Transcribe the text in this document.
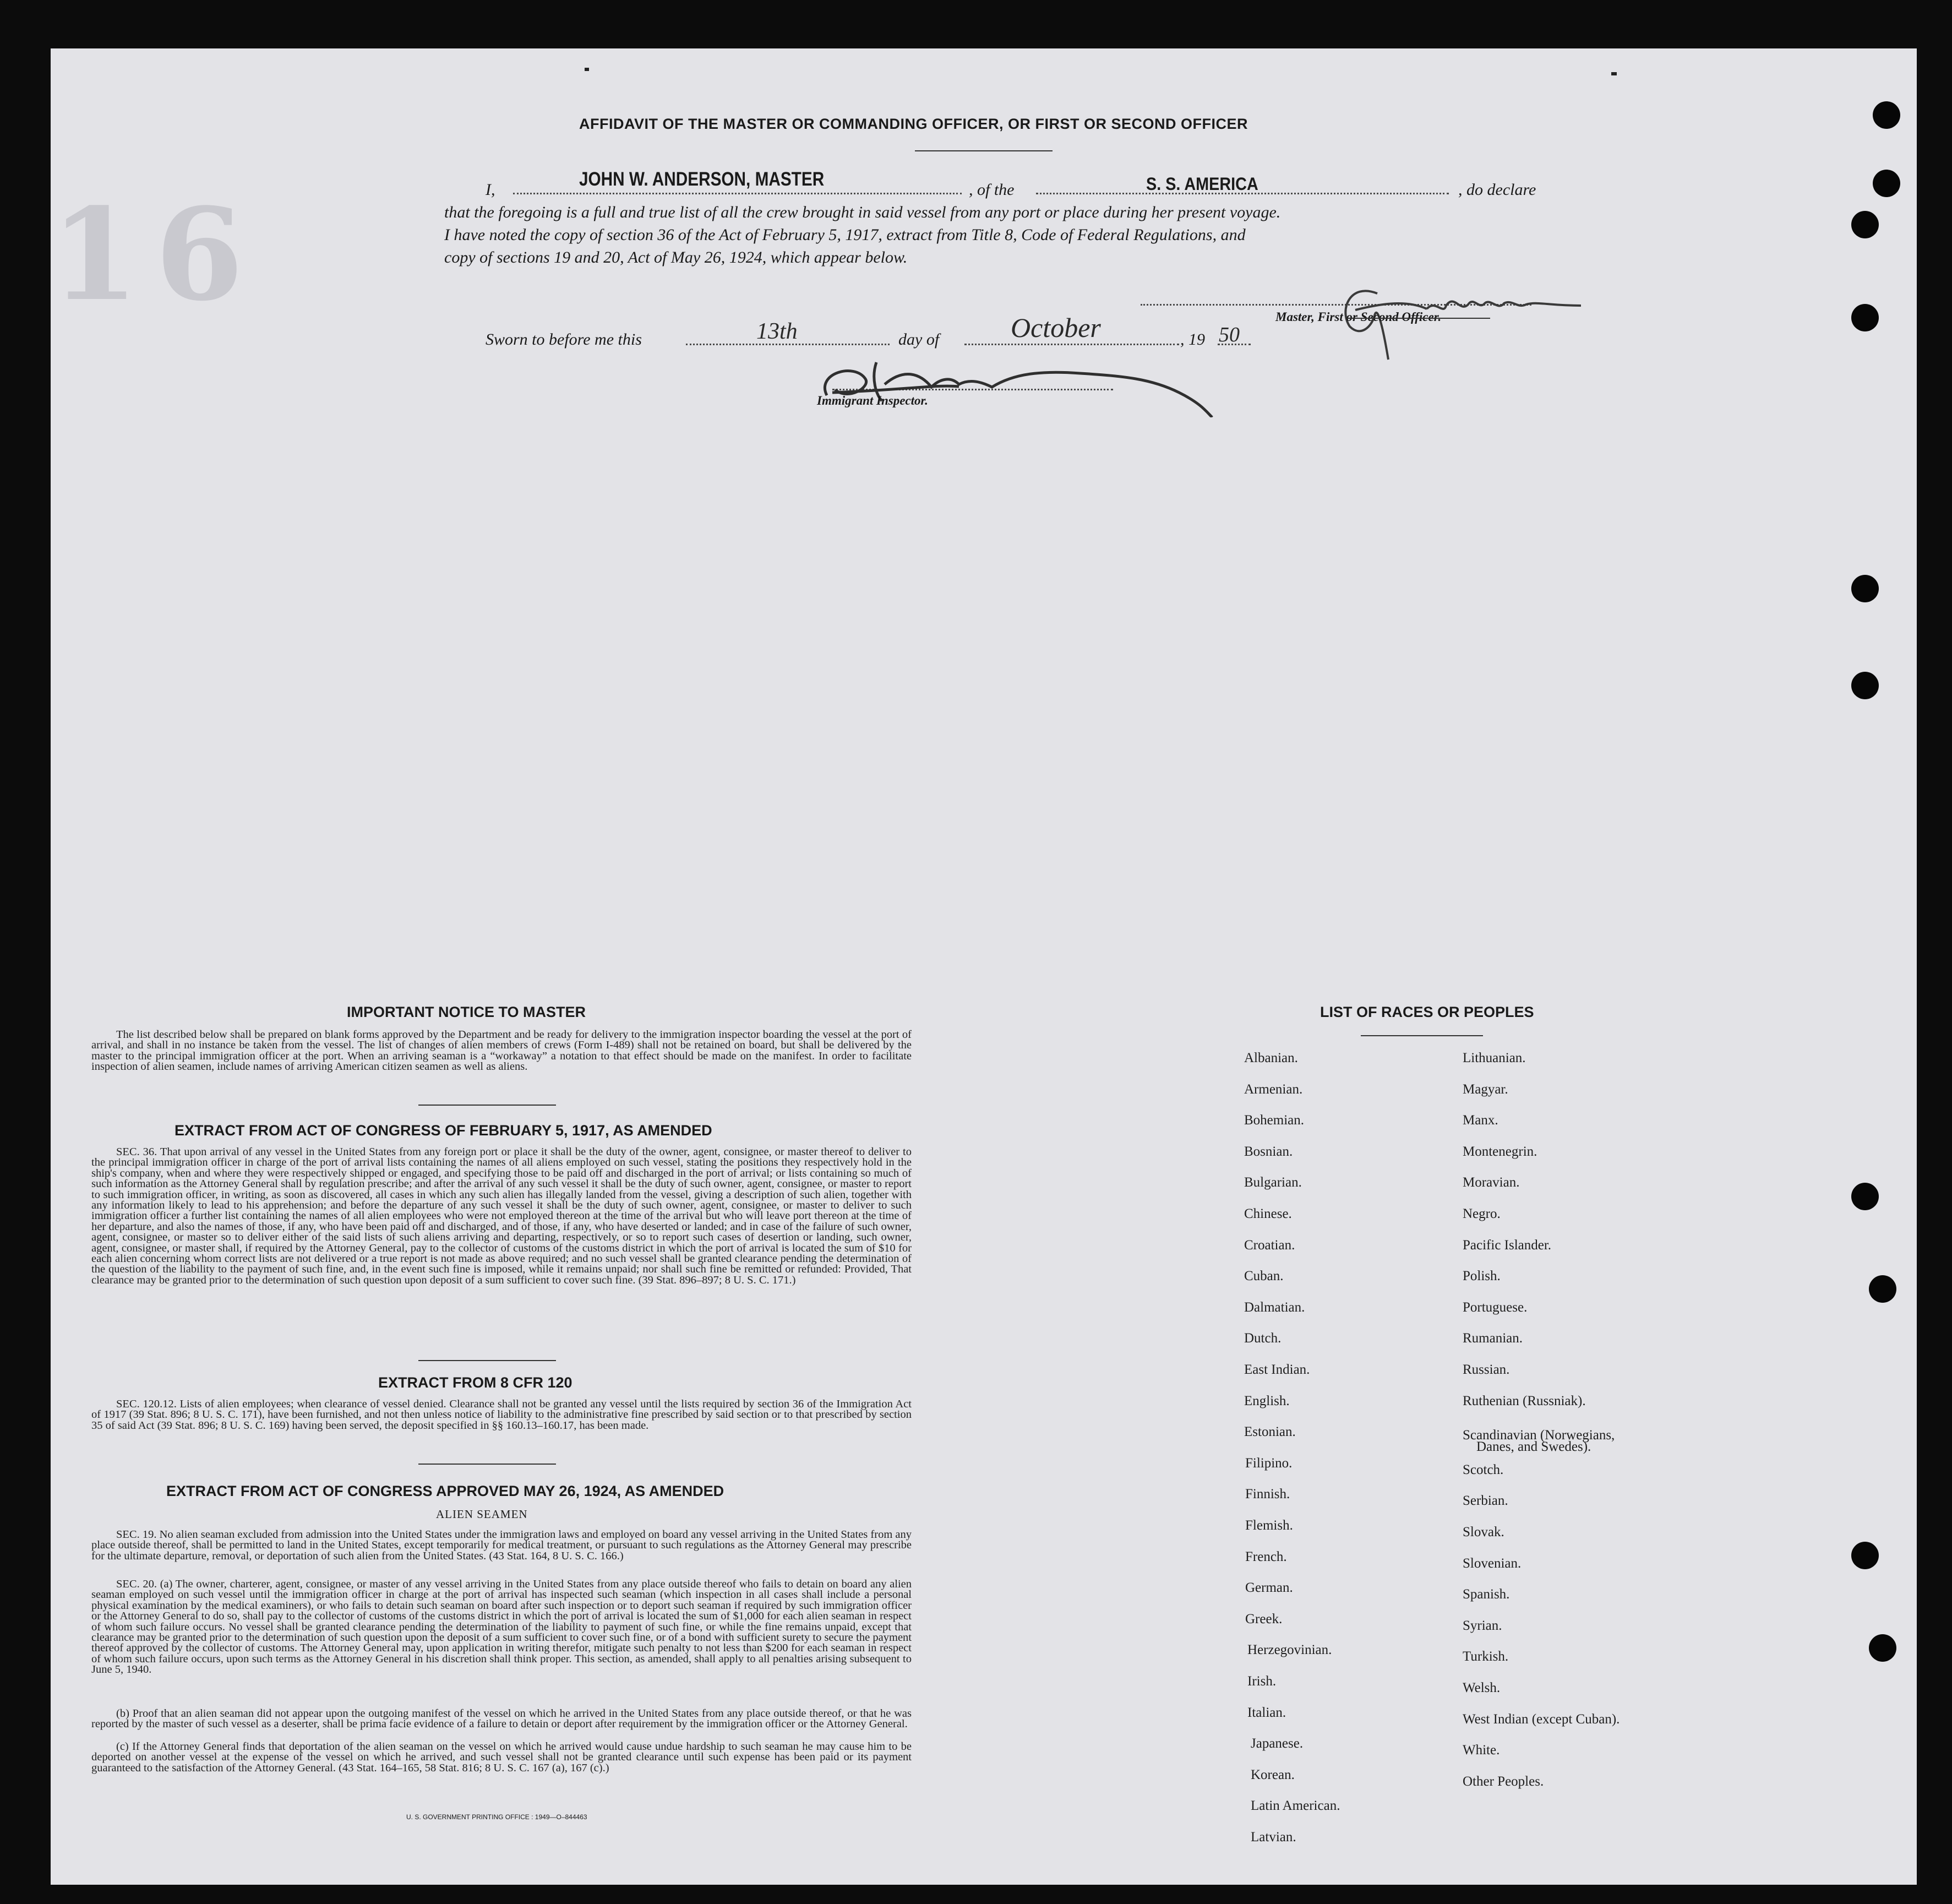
16
AFFIDAVIT OF THE MASTER OR COMMANDING OFFICER, OR FIRST OR SECOND OFFICER
I,	JOHN W. ANDERSON, MASTER	, of the	S. S. AMERICA	, do declare
that the foregoing is a full and true list of all the crew brought in said vessel from any port or place during her present voyage.
I have noted the copy of section 36 of the Act of February 5, 1917, extract from Title 8, Code of Federal Regulations, and
copy of sections 19 and 20, Act of May 26, 1924, which appear below.
Master, First or Second Officer.
Sworn to before me this	13th	day of	October	, 19 50
Immigrant Inspector.
IMPORTANT NOTICE TO MASTER
The list described below shall be prepared on blank forms approved by the Department and be ready for delivery to the immigration inspector boarding the vessel at the port of arrival, and shall in no instance be taken from the vessel. The list of changes of alien members of crews (Form I-489) shall not be retained on board, but shall be delivered by the master to the principal immigration officer at the port. When an arriving seaman is a “workaway” a notation to that effect should be made on the manifest. In order to facilitate inspection of alien seamen, include names of arriving American citizen seamen as well as aliens.
EXTRACT FROM ACT OF CONGRESS OF FEBRUARY 5, 1917, AS AMENDED
SEC. 36. That upon arrival of any vessel in the United States from any foreign port or place it shall be the duty of the owner, agent, consignee, or master thereof to deliver to the principal immigration officer in charge of the port of arrival lists containing the names of all aliens employed on such vessel, stating the positions they respectively hold in the ship's company, when and where they were respectively shipped or engaged, and specifying those to be paid off and discharged in the port of arrival; or lists containing so much of such information as the Attorney General shall by regulation prescribe; and after the arrival of any such vessel it shall be the duty of such owner, agent, consignee, or master to report to such immigration officer, in writing, as soon as discovered, all cases in which any such alien has illegally landed from the vessel, giving a description of such alien, together with any information likely to lead to his apprehension; and before the departure of any such vessel it shall be the duty of such owner, agent, consignee, or master to deliver to such immigration officer a further list containing the names of all alien employees who were not employed thereon at the time of the arrival but who will leave port thereon at the time of her departure, and also the names of those, if any, who have been paid off and discharged, and of those, if any, who have deserted or landed; and in case of the failure of such owner, agent, consignee, or master so to deliver either of the said lists of such aliens arriving and departing, respectively, or so to report such cases of desertion or landing, such owner, agent, consignee, or master shall, if required by the Attorney General, pay to the collector of customs of the customs district in which the port of arrival is located the sum of $10 for each alien concerning whom correct lists are not delivered or a true report is not made as above required; and no such vessel shall be granted clearance pending the determination of the question of the liability to the payment of such fine, and, in the event such fine is imposed, while it remains unpaid; nor shall such fine be remitted or refunded: Provided, That clearance may be granted prior to the determination of such question upon deposit of a sum sufficient to cover such fine. (39 Stat. 896–897; 8 U. S. C. 171.)
EXTRACT FROM 8 CFR 120
SEC. 120.12. Lists of alien employees; when clearance of vessel denied. Clearance shall not be granted any vessel until the lists required by section 36 of the Immigration Act of 1917 (39 Stat. 896; 8 U. S. C. 171), have been furnished, and not then unless notice of liability to the administrative fine prescribed by said section or to that prescribed by section 35 of said Act (39 Stat. 896; 8 U. S. C. 169) having been served, the deposit specified in §§ 160.13–160.17, has been made.
EXTRACT FROM ACT OF CONGRESS APPROVED MAY 26, 1924, AS AMENDED
ALIEN SEAMEN
SEC. 19. No alien seaman excluded from admission into the United States under the immigration laws and employed on board any vessel arriving in the United States from any place outside thereof, shall be permitted to land in the United States, except temporarily for medical treatment, or pursuant to such regulations as the Attorney General may prescribe for the ultimate departure, removal, or deportation of such alien from the United States. (43 Stat. 164, 8 U. S. C. 166.)
SEC. 20. (a) The owner, charterer, agent, consignee, or master of any vessel arriving in the United States from any place outside thereof who fails to detain on board any alien seaman employed on such vessel until the immigration officer in charge at the port of arrival has inspected such seaman (which inspection in all cases shall include a personal physical examination by the medical examiners), or who fails to detain such seaman on board after such inspection or to deport such seaman if required by such immigration officer or the Attorney General to do so, shall pay to the collector of customs of the customs district in which the port of arrival is located the sum of $1,000 for each alien seaman in respect of whom such failure occurs. No vessel shall be granted clearance pending the determination of the liability to payment of such fine, or while the fine remains unpaid, except that clearance may be granted prior to the determination of such question upon the deposit of a sum sufficient to cover such fine, or of a bond with sufficient surety to secure the payment thereof approved by the collector of customs. The Attorney General may, upon application in writing therefor, mitigate such penalty to not less than $200 for each seaman in respect of whom such failure occurs, upon such terms as the Attorney General in his discretion shall think proper. This section, as amended, shall apply to all penalties arising subsequent to June 5, 1940.
(b) Proof that an alien seaman did not appear upon the outgoing manifest of the vessel on which he arrived in the United States from any place outside thereof, or that he was reported by the master of such vessel as a deserter, shall be prima facie evidence of a failure to detain or deport after requirement by the immigration officer or the Attorney General.
(c) If the Attorney General finds that deportation of the alien seaman on the vessel on which he arrived would cause undue hardship to such seaman he may cause him to be deported on another vessel at the expense of the vessel on which he arrived, and such vessel shall not be granted clearance until such expense has been paid or its payment guaranteed to the satisfaction of the Attorney General. (43 Stat. 164–165, 58 Stat. 816; 8 U. S. C. 167 (a), 167 (c).)
U. S. GOVERNMENT PRINTING OFFICE : 1949—O–844463
LIST OF RACES OR PEOPLES
Albanian.
Armenian.
Bohemian.
Bosnian.
Bulgarian.
Chinese.
Croatian.
Cuban.
Dalmatian.
Dutch.
East Indian.
English.
Estonian.
Filipino.
Finnish.
Flemish.
French.
German.
Greek.
Herzegovinian.
Irish.
Italian.
Japanese.
Korean.
Latin American.
Latvian.
Lithuanian.
Magyar.
Manx.
Montenegrin.
Moravian.
Negro.
Pacific Islander.
Polish.
Portuguese.
Rumanian.
Russian.
Ruthenian (Russniak).
Scandinavian (Norwegians,
Danes, and Swedes).
Scotch.
Serbian.
Slovak.
Slovenian.
Spanish.
Syrian.
Turkish.
Welsh.
West Indian (except Cuban).
White.
Other Peoples.
